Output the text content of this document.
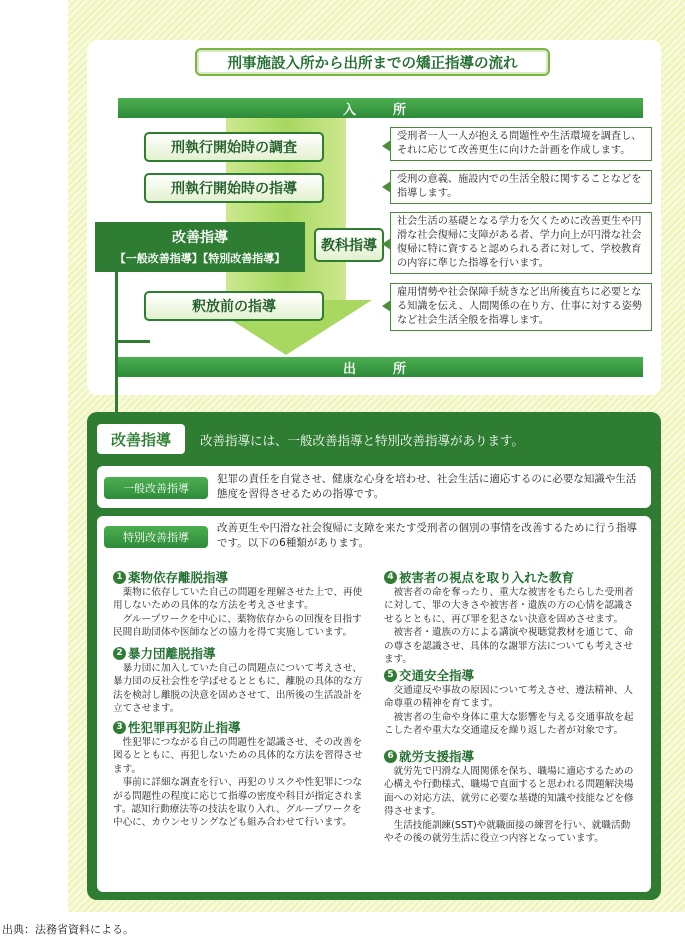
刑事施設入所から出所までの矯正指導の流れ
入　所
出　所
刑執行開始時の調査
受刑者一人一人が抱える問題性や生活環境を調査し、それに応じて改善更生に向けた計画を作成します。
刑執行開始時の指導
受刑の意義、施設内での生活全般に関することなどを指導します。
改善指導
【一般改善指導】【特別改善指導】
教科指導
社会生活の基礎となる学力を欠くために改善更生や円滑な社会復帰に支障がある者、学力向上が円滑な社会復帰に特に資すると認められる者に対して、学校教育の内容に準じた指導を行います。
釈放前の指導
雇用情勢や社会保障手続きなど出所後直ちに必要となる知識を伝え、人間関係の在り方、仕事に対する姿勢など社会生活全般を指導します。
改善指導	改善指導には、一般改善指導と特別改善指導があります。
一般改善指導
犯罪の責任を自覚させ、健康な心身を培わせ、社会生活に適応するのに必要な知識や生活態度を習得させるための指導です。
特別改善指導
改善更生や円滑な社会復帰に支障を来たす受刑者の個別の事情を改善するために行う指導です。以下の6種類があります。
1 薬物依存離脱指導

薬物に依存していた自己の問題を理解させた上で、再使用しないための具体的な方法を考えさせます。

グループワークを中心に、薬物依存からの回復を目指す民間自助団体や医師などの協力を得て実施しています。

2 暴力団離脱指導

暴力団に加入していた自己の問題点について考えさせ、暴力団の反社会性を学ばせるとともに、離脱の具体的な方法を検討し離脱の決意を固めさせて、出所後の生活設計を立てさせます。

3 性犯罪再犯防止指導

性犯罪につながる自己の問題性を認識させ、その改善を図るとともに、再犯しないための具体的な方法を習得させます。

事前に詳細な調査を行い、再犯のリスクや性犯罪につながる問題性の程度に応じて指導の密度や科目が指定されます。認知行動療法等の技法を取り入れ、グループワークを中心に、カウンセリングなども組み合わせて行います。

4 被害者の視点を取り入れた教育

被害者の命を奪ったり、重大な被害をもたらした受刑者に対して、罪の大きさや被害者・遺族の方の心情を認識させるとともに、再び罪を犯さない決意を固めさせます。

被害者・遺族の方による講演や視聴覚教材を通じて、命の尊さを認識させ、具体的な謝罪方法についても考えさせます。

5 交通安全指導

交通違反や事故の原因について考えさせ、遵法精神、人命尊重の精神を育てます。

被害者の生命や身体に重大な影響を与える交通事故を起こした者や重大な交通違反を繰り返した者が対象です。

6 就労支援指導

就労先で円滑な人間関係を保ち、職場に適応するための心構えや行動様式、職場で直面すると思われる問題解決場面への対応方法、就労に必要な基礎的知識や技能などを修得させます。

生活技能訓練(SST)や就職面接の練習を行い、就職活動やその後の就労生活に役立つ内容となっています。

出典：法務省資料による。
